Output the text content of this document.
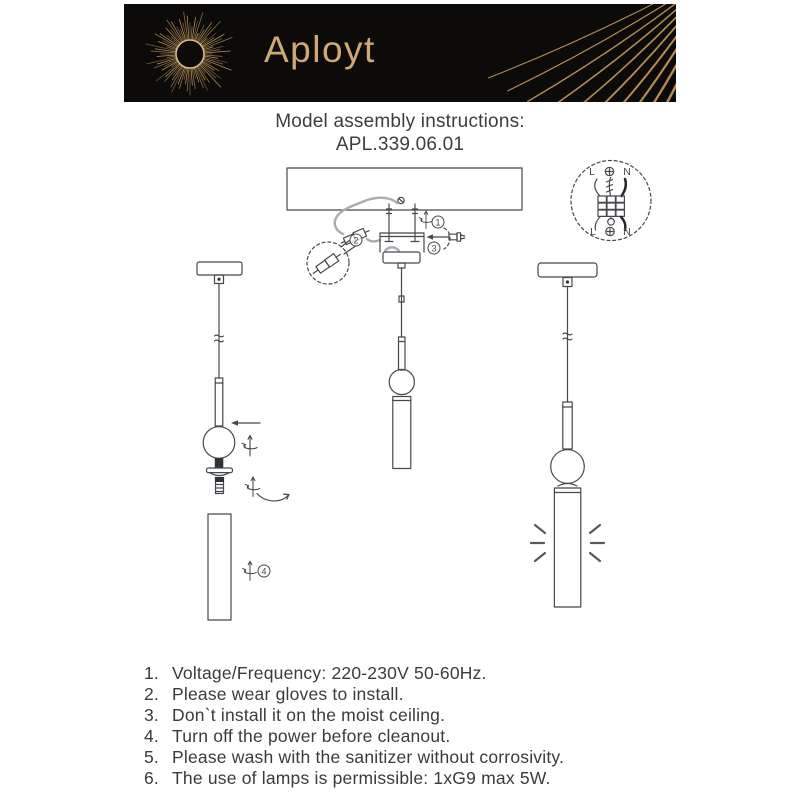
Aployt
Model assembly instructions:
APL.339.06.01
1
2
3
4
L	N
L	N
1. Voltage/Frequency: 220-230V 50-60Hz.
2. Please wear gloves to install.
3. Don`t install it on the moist ceiling.
4. Turn off the power before cleanout.
5. Please wash with the sanitizer without corrosivity.
6. The use of lamps is permissible: 1xG9 max 5W.
